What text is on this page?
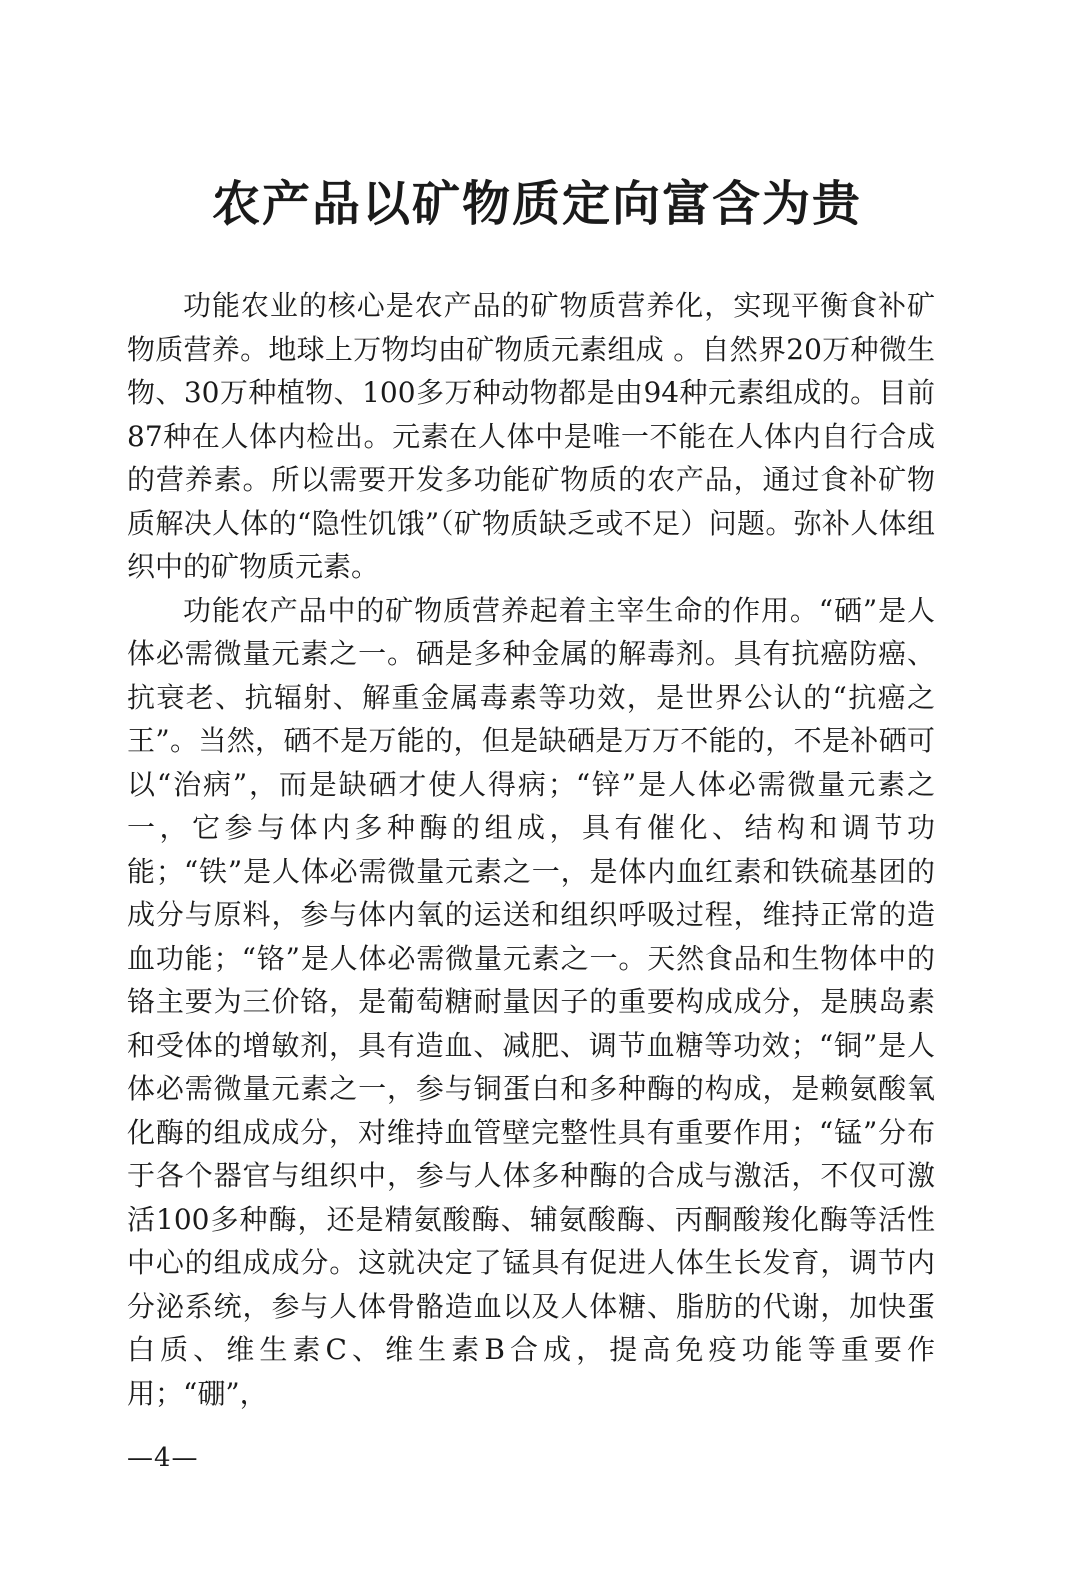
农产品以矿物质定向富含为贵

功能农业的核心是农产品的矿物质营养化，实现平衡食补矿物质营养。地球上万物均由矿物质元素组成 。自然界20万种微生物、30万种植物、100多万种动物都是由94种元素组成的。目前87种在人体内检出。元素在人体中是唯一不能在人体内自行合成的营养素。所以需要开发多功能矿物质的农产品，通过食补矿物质解决人体的“隐性饥饿”（矿物质缺乏或不足）问题。弥补人体组织中的矿物质元素。

功能农产品中的矿物质营养起着主宰生命的作用。“硒”是人体必需微量元素之一。硒是多种金属的解毒剂。具有抗癌防癌、抗衰老、抗辐射、解重金属毒素等功效，是世界公认的“抗癌之王”。当然，硒不是万能的，但是缺硒是万万不能的，不是补硒可以“治病”，而是缺硒才使人得病；“锌”是人体必需微量元素之一，它参与体内多种酶的组成，具有催化、结构和调节功能；“铁”是人体必需微量元素之一，是体内血红素和铁硫基团的成分与原料，参与体内氧的运送和组织呼吸过程，维持正常的造血功能；“铬”是人体必需微量元素之一。天然食品和生物体中的铬主要为三价铬，是葡萄糖耐量因子的重要构成成分，是胰岛素和受体的增敏剂，具有造血、减肥、调节血糖等功效；“铜”是人体必需微量元素之一，参与铜蛋白和多种酶的构成，是赖氨酸氧化酶的组成成分，对维持血管壁完整性具有重要作用；“锰”分布于各个器官与组织中，参与人体多种酶的合成与激活，不仅可激活100多种酶，还是精氨酸酶、辅氨酸酶、丙酮酸羧化酶等活性中心的组成成分。这就决定了锰具有促进人体生长发育，调节内分泌系统，参与人体骨骼造血以及人体糖、脂肪的代谢，加快蛋白质、维生素C、维生素B合成，提高免疫功能等重要作用；“硼”，

—4—
